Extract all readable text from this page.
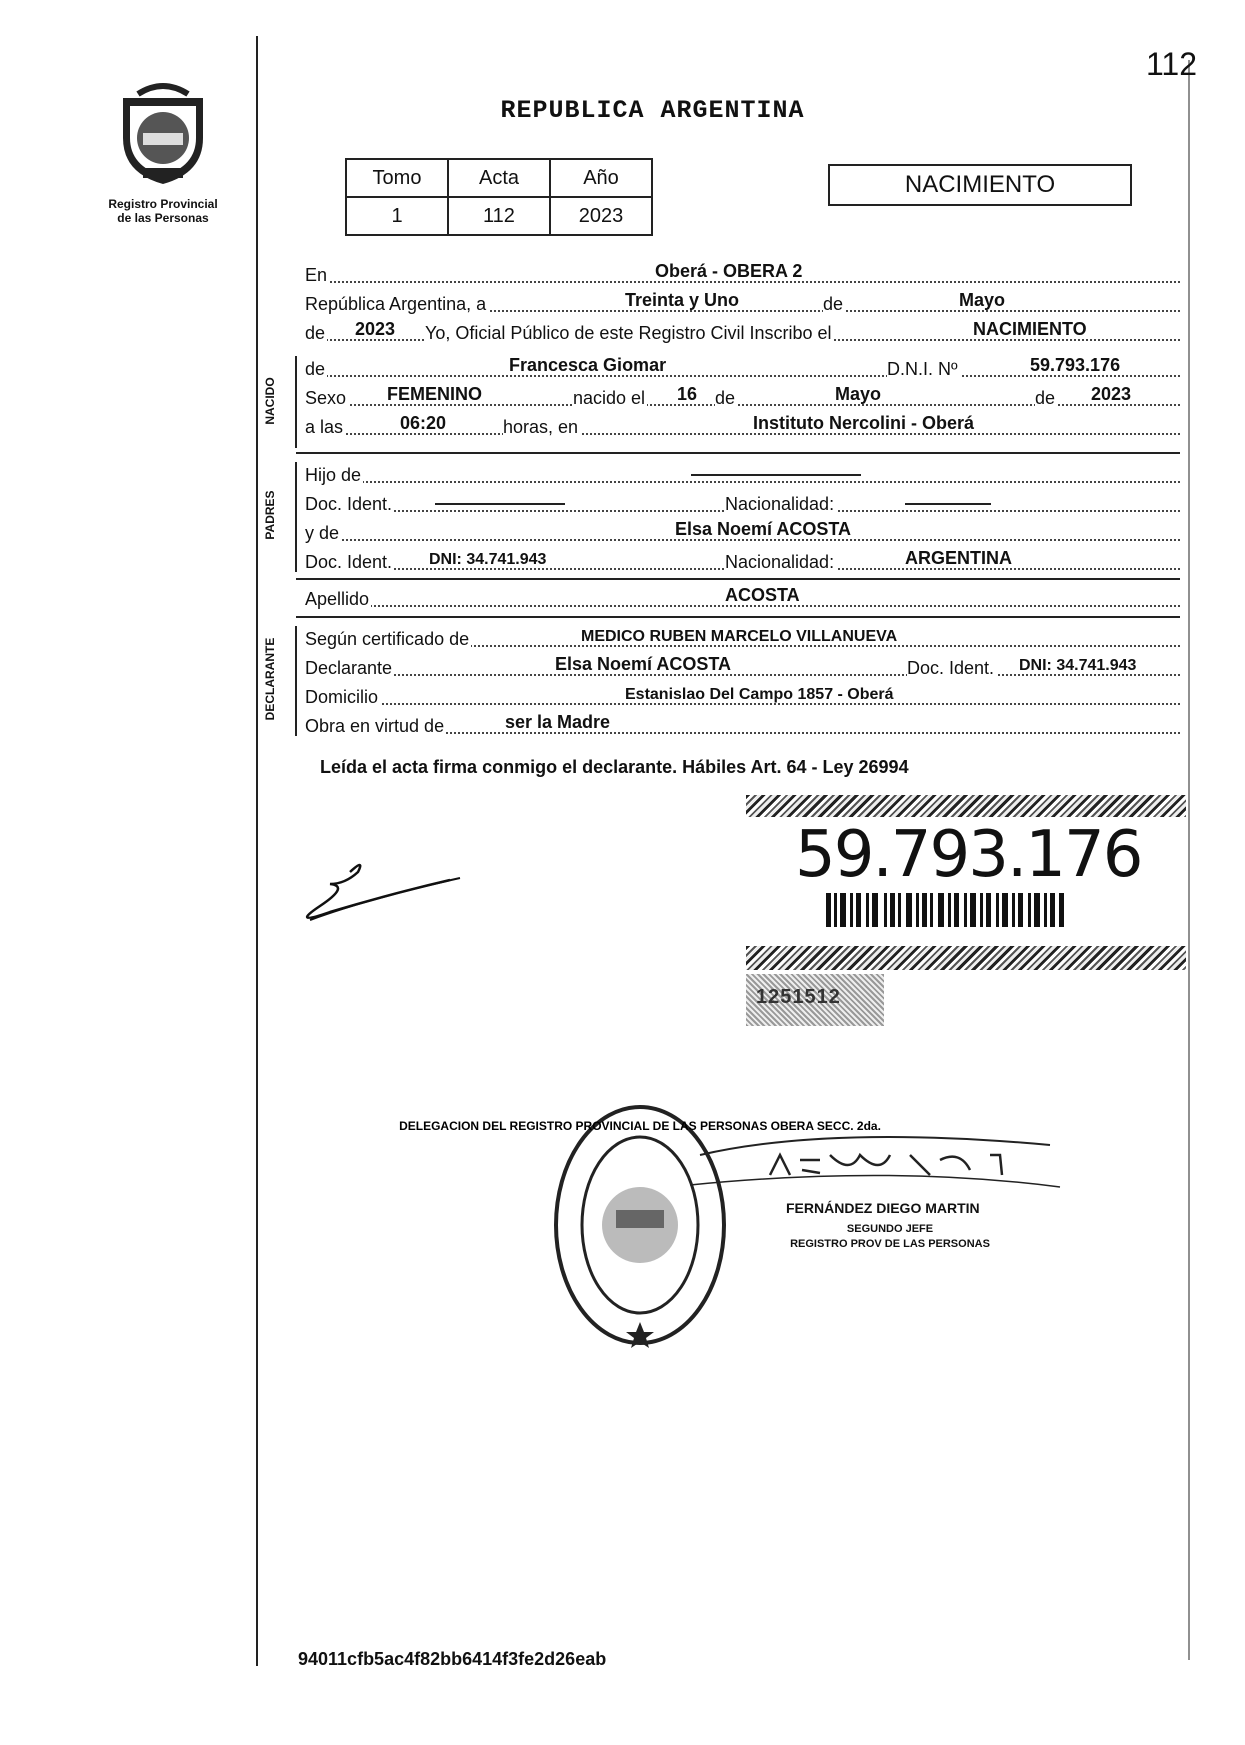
112
Registro Provincial
de las Personas
REPUBLICA ARGENTINA
Tomo	Acta	Año
1	112	2023
NACIMIENTO
En	Oberá - OBERA 2
República Argentina, a	Treinta y Uno	de	Mayo
de 2023 Yo, Oficial Público de este Registro Civil Inscribo el	NACIMIENTO
NACIDO
de	Francesca Giomar	D.N.I. Nº	59.793.176
Sexo FEMENINO	nacido el 16 de	Mayo	de 2023
a las	06:20	horas, en	Instituto Nercolini - Oberá
PADRES
Hijo de
Doc. Ident.	Nacionalidad:
y de	Elsa Noemí ACOSTA
Doc. Ident. DNI: 34.741.943	Nacionalidad:	ARGENTINA
Apellido	ACOSTA
DECLARANTE Según certificado de	MEDICO RUBEN MARCELO VILLANUEVA
Declarante	Elsa Noemí ACOSTA	Doc. Ident. DNI: 34.741.943
Domicilio	Estanislao Del Campo 1857 - Oberá
Obra en virtud de	ser la Madre
Leída el acta firma conmigo el declarante. Hábiles Art. 64 - Ley 26994
59.793.176
1251512
DELEGACION DEL REGISTRO PROVINCIAL DE LAS PERSONAS OBERA SECC. 2da.
FERNÁNDEZ DIEGO MARTIN
SEGUNDO JEFE
REGISTRO PROV DE LAS PERSONAS
94011cfb5ac4f82bb6414f3fe2d26eab
